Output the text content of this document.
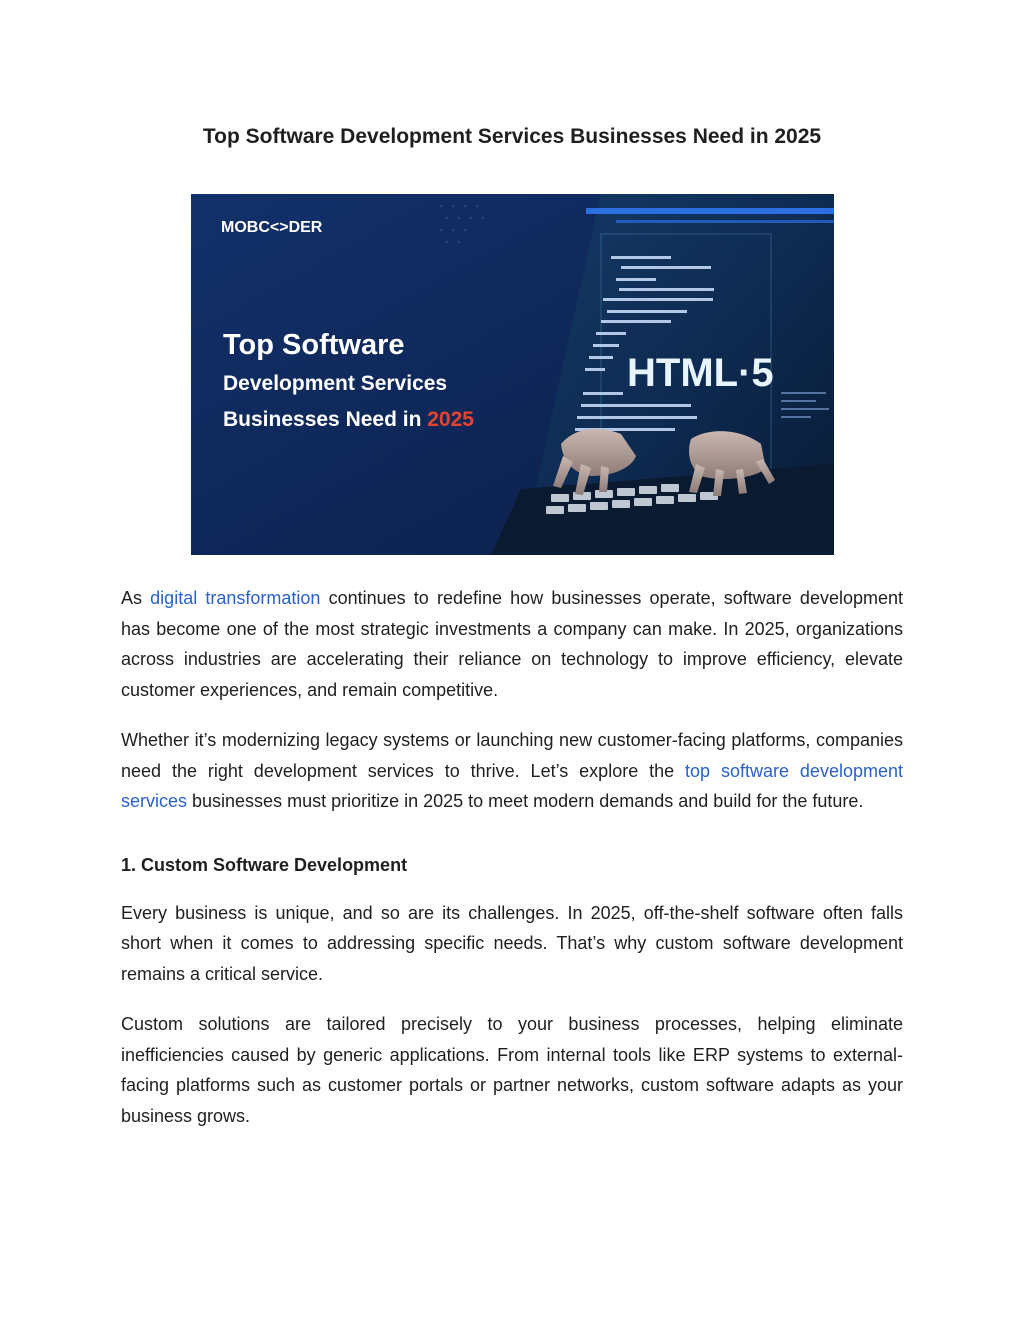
Top Software Development Services Businesses Need in 2025
HTML·5
MOBC<>DER
Top Software
Development Services
Businesses Need in 2025

As digital transformation continues to redefine how businesses operate, software development has become one of the most strategic investments a company can make. In 2025, organizations across industries are accelerating their reliance on technology to improve efficiency, elevate customer experiences, and remain competitive.

Whether it’s modernizing legacy systems or launching new customer-facing platforms, companies need the right development services to thrive. Let’s explore the top software development services businesses must prioritize in 2025 to meet modern demands and build for the future.

1. Custom Software Development

Every business is unique, and so are its challenges. In 2025, off-the-shelf software often falls short when it comes to addressing specific needs. That’s why custom software development remains a critical service.

Custom solutions are tailored precisely to your business processes, helping eliminate inefficiencies caused by generic applications. From internal tools like ERP systems to external-facing platforms such as customer portals or partner networks, custom software adapts as your business grows.
